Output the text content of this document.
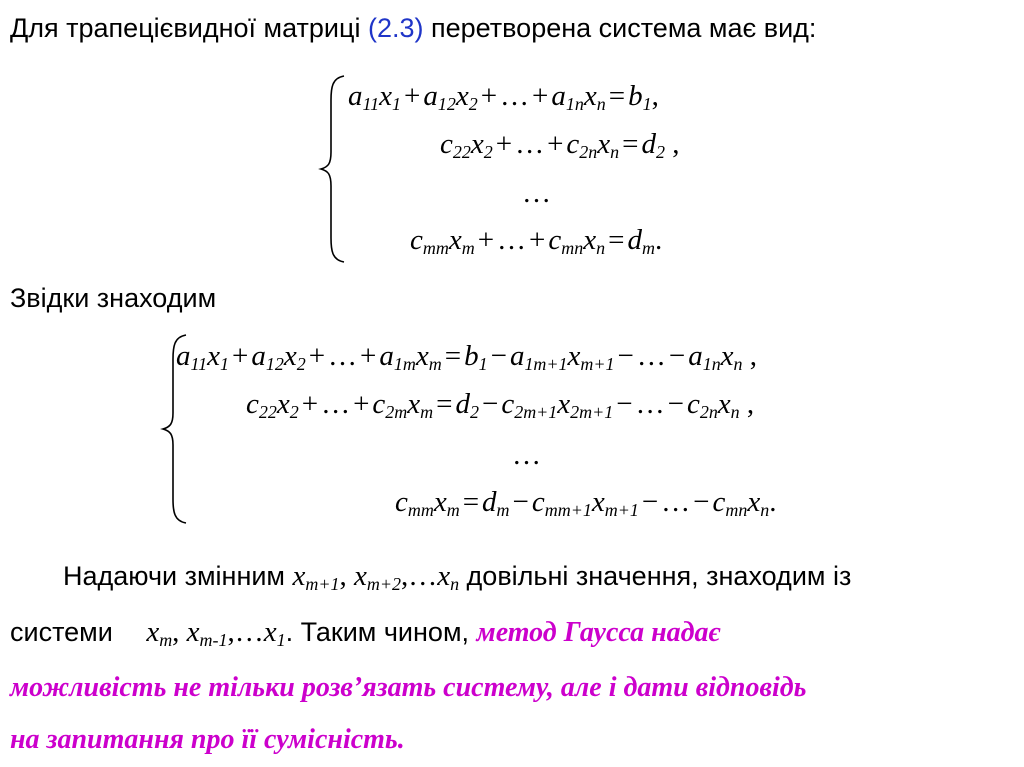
Для трапецієвидної матриці (2.3) перетворена система має вид:
$a_{11}x_1 + a_{12}x_2$ + … + $a_{1n}x_n = b_1$,
$c_{22}x_2$ + … + $c_{2n}x_n = d_2$ ,
…
$c_{mm}x_m$ + … + $c_{mn}x_n = d_m$.
Звідки знаходим
$a_{11}x_1 + a_{12}x_2$ + … + $a_{1m}x_m = b_1 - a_{1m+1}x_{m+1}$ − … − $a_{1n}x_n$ ,
$c_{22}x_2$ + … + $c_{2m}x_m = d_2 - c_{2m+1}x_{2m+1}$ − … − $c_{2n}x_n$ ,
…
$c_{mm}x_m = d_m - c_{mm+1}x_{m+1}$ − … − $c_{mn}x_n$.
Надаючи змінним $x_{m+1}$, $x_{m+2},\dots x_n$ довільні значення, знаходим із
системи $x_m$, $x_{m-1},\dots x_1$. Таким чином, метод Гаусса надає
можливість не тільки розв’язать систему, але і дати відповідь
на запитання про її сумісність.
